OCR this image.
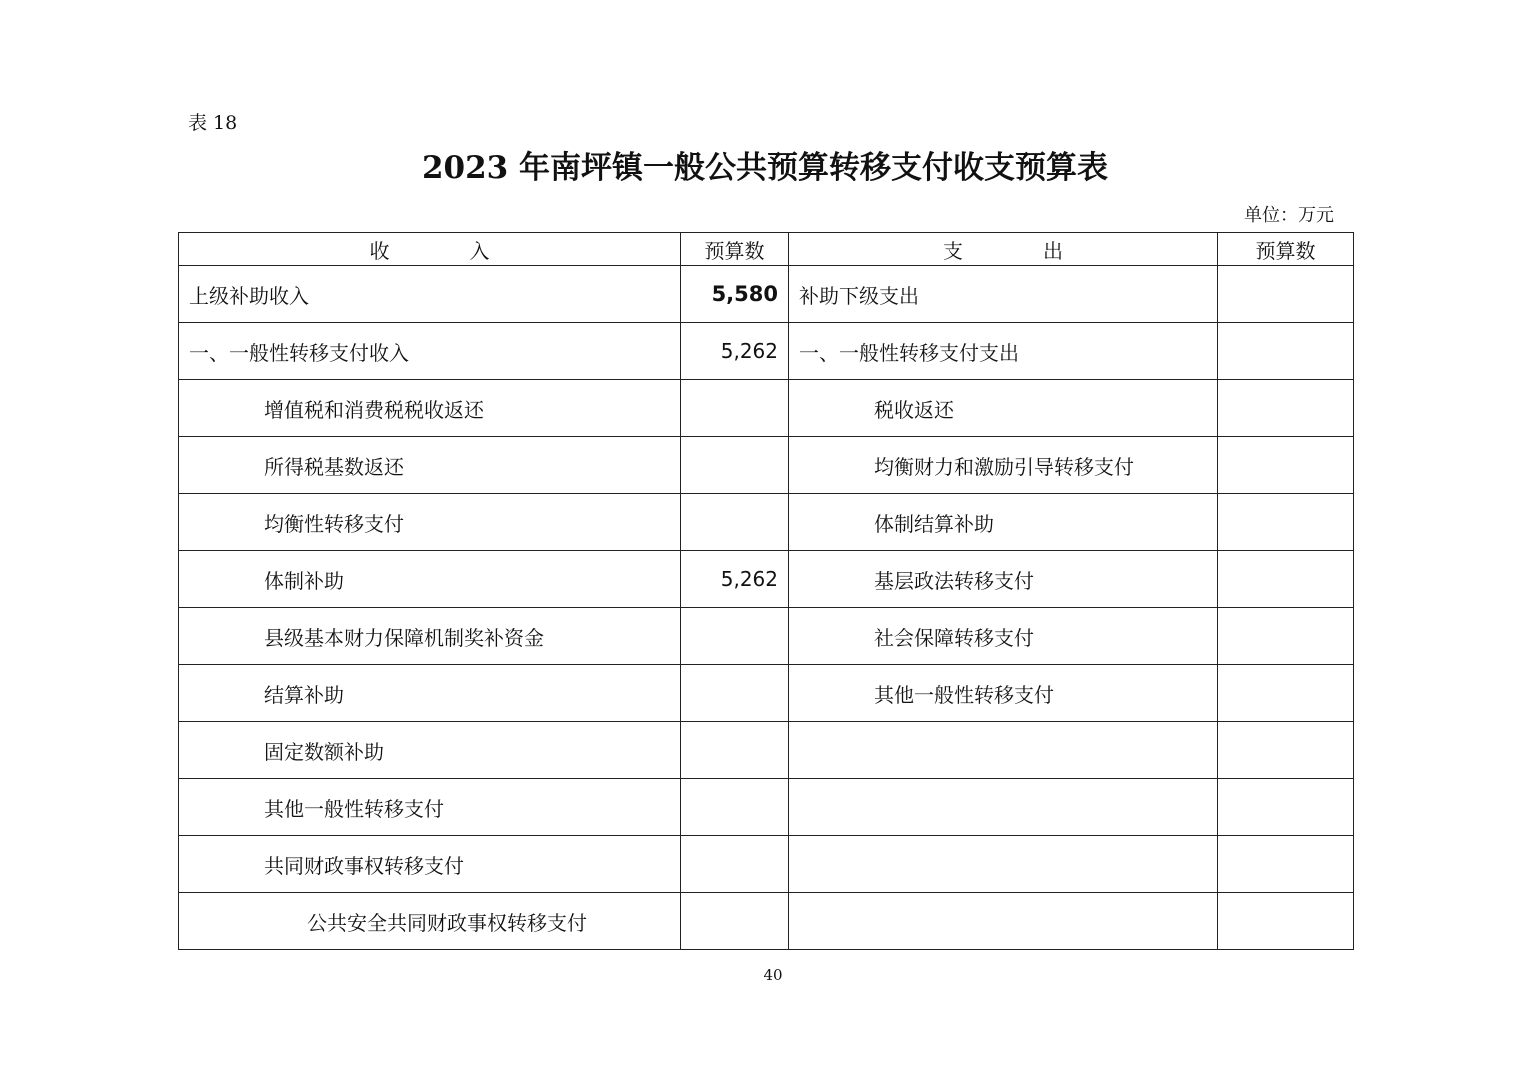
表 18
2023 年南坪镇一般公共预算转移支付收支预算表
单位：万元
收 入	预算数	支 出	预算数
上级补助收入	5,580	补助下级支出	
一、一般性转移支付收入	5,262	一、一般性转移支付支出	
增值税和消费税税收返还		税收返还	
所得税基数返还		均衡财力和激励引导转移支付	
均衡性转移支付		体制结算补助	
体制补助	5,262	基层政法转移支付	
县级基本财力保障机制奖补资金		社会保障转移支付	
结算补助		其他一般性转移支付	
固定数额补助			
其他一般性转移支付			
共同财政事权转移支付			
公共安全共同财政事权转移支付			
40
